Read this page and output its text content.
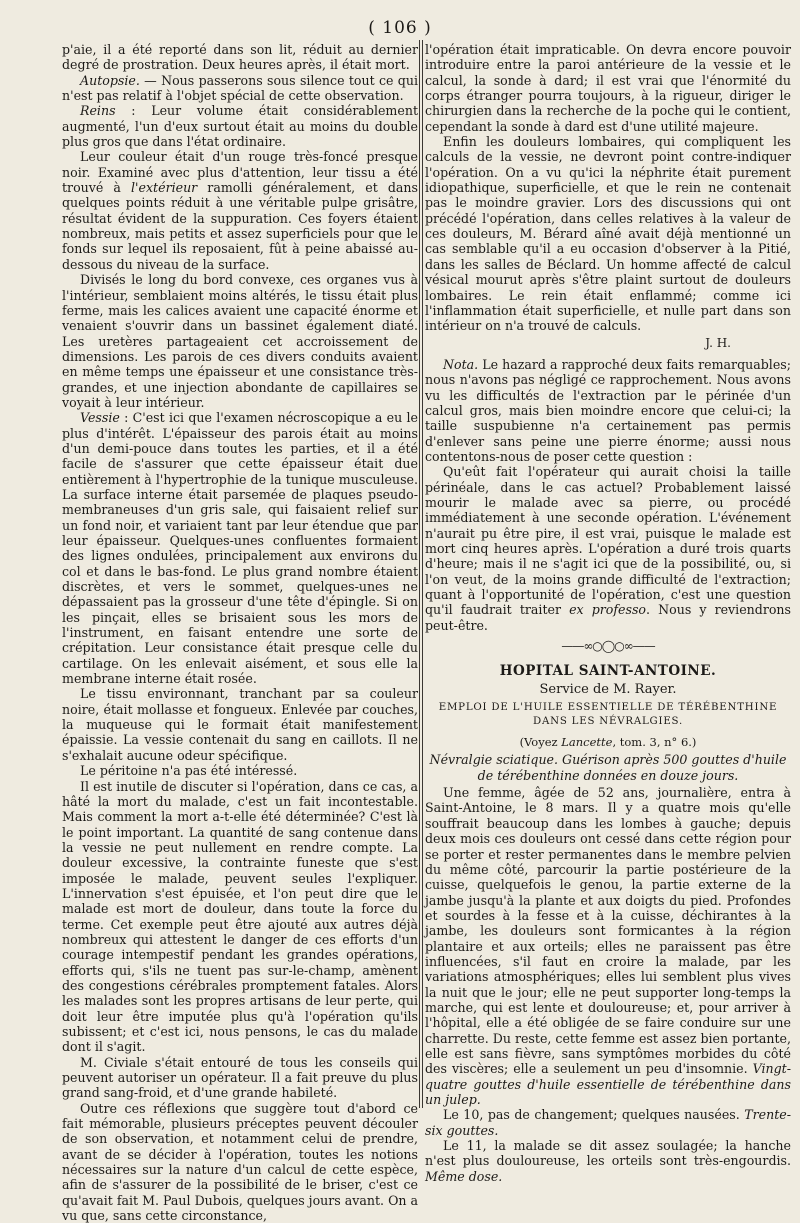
( 106 )

p'aie, il a été reporté dans son lit, réduit au dernier degré de prostration. Deux heures après, il était mort.

Autopsie. — Nous passerons sous silence tout ce qui n'est pas relatif à l'objet spécial de cette observation.

Reins : Leur volume était considérablement augmenté, l'un d'eux surtout était au moins du double plus gros que dans l'état ordinaire.

Leur couleur était d'un rouge très-foncé presque noir. Examiné avec plus d'attention, leur tissu a été trouvé à l'extérieur ramolli généralement, et dans quelques points réduit à une véritable pulpe grisâtre, résultat évident de la suppuration. Ces foyers étaient nombreux, mais petits et assez superficiels pour que le fonds sur lequel ils reposaient, fût à peine abaissé au-dessous du niveau de la surface.

Divisés le long du bord convexe, ces organes vus à l'intérieur, semblaient moins altérés, le tissu était plus ferme, mais les calices avaient une capacité énorme et venaient s'ouvrir dans un bassinet également diaté. Les uretères partageaient cet accroissement de dimensions. Les parois de ces divers conduits avaient en même temps une épaisseur et une consistance très-grandes, et une injection abondante de capillaires se voyait à leur intérieur.

Vessie : C'est ici que l'examen nécroscopique a eu le plus d'intérêt. L'épaisseur des parois était au moins d'un demi-pouce dans toutes les parties, et il a été facile de s'assurer que cette épaisseur était due entièrement à l'hypertrophie de la tunique musculeuse. La surface interne était parsemée de plaques pseudo-membraneuses d'un gris sale, qui faisaient relief sur un fond noir, et variaient tant par leur étendue que par leur épaisseur. Quelques-unes confluentes formaient des lignes ondulées, principalement aux environs du col et dans le bas-fond. Le plus grand nombre étaient discrètes, et vers le sommet, quelques-unes ne dépassaient pas la grosseur d'une tête d'épingle. Si on les pinçait, elles se brisaient sous les mors de l'instrument, en faisant entendre une sorte de crépitation. Leur consistance était presque celle du cartilage. On les enlevait aisément, et sous elle la membrane interne était rosée.

Le tissu environnant, tranchant par sa couleur noire, était mollasse et fongueux. Enlevée par couches, la muqueuse qui le formait était manifestement épaissie. La vessie contenait du sang en caillots. Il ne s'exhalait aucune odeur spécifique.

Le péritoine n'a pas été intéressé.

Il est inutile de discuter si l'opération, dans ce cas, a hâté la mort du malade, c'est un fait incontestable. Mais comment la mort a-t-elle été déterminée? C'est là le point important. La quantité de sang contenue dans la vessie ne peut nullement en rendre compte. La douleur excessive, la contrainte funeste que s'est imposée le malade, peuvent seules l'expliquer. L'innervation s'est épuisée, et l'on peut dire que le malade est mort de douleur, dans toute la force du terme. Cet exemple peut être ajouté aux autres déjà nombreux qui attestent le danger de ces efforts d'un courage intempestif pendant les grandes opérations, efforts qui, s'ils ne tuent pas sur-le-champ, amènent des congestions cérébrales promptement fatales. Alors les malades sont les propres artisans de leur perte, qui doit leur être imputée plus qu'à l'opération qu'ils subissent; et c'est ici, nous pensons, le cas du malade dont il s'agit.

M. Civiale s'était entouré de tous les conseils qui peuvent autoriser un opérateur. Il a fait preuve du plus grand sang-froid, et d'une grande habileté.

Outre ces réflexions que suggère tout d'abord ce fait mémorable, plusieurs préceptes peuvent découler de son observation, et notamment celui de prendre, avant de se décider à l'opération, toutes les notions nécessaires sur la nature d'un calcul de cette espèce, afin de s'assurer de la possibilité de le briser, c'est ce qu'avait fait M. Paul Dubois, quelques jours avant. On a vu que, sans cette circonstance,

l'opération était impraticable. On devra encore pouvoir introduire entre la paroi antérieure de la vessie et le calcul, la sonde à dard; il est vrai que l'énormité du corps étranger pourra toujours, à la rigueur, diriger le chirurgien dans la recherche de la poche qui le contient, cependant la sonde à dard est d'une utilité majeure.

Enfin les douleurs lombaires, qui compliquent les calculs de la vessie, ne devront point contre-indiquer l'opération. On a vu qu'ici la néphrite était purement idiopathique, superficielle, et que le rein ne contenait pas le moindre gravier. Lors des discussions qui ont précédé l'opération, dans celles relatives à la valeur de ces douleurs, M. Bérard aîné avait déjà mentionné un cas semblable qu'il a eu occasion d'observer à la Pitié, dans les salles de Béclard. Un homme affecté de calcul vésical mourut après s'être plaint surtout de douleurs lombaires. Le rein était enflammé; comme ici l'inflammation était superficielle, et nulle part dans son intérieur on n'a trouvé de calculs.

J. H.

Nota. Le hazard a rapproché deux faits remarquables; nous n'avons pas négligé ce rapprochement. Nous avons vu les difficultés de l'extraction par le périnée d'un calcul gros, mais bien moindre encore que celui-ci; la taille suspubienne n'a certainement pas permis d'enlever sans peine une pierre énorme; aussi nous contentons-nous de poser cette question :

Qu'eût fait l'opérateur qui aurait choisi la taille périnéale, dans le cas actuel? Probablement laissé mourir le malade avec sa pierre, ou procédé immédiatement à une seconde opération. L'événement n'aurait pu être pire, il est vrai, puisque le malade est mort cinq heures après. L'opération a duré trois quarts d'heure; mais il ne s'agit ici que de la possibilité, ou, si l'on veut, de la moins grande difficulté de l'extraction; quant à l'opportunité de l'opération, c'est une question qu'il faudrait traiter ex professo. Nous y reviendrons peut-être.

——∞○◯○∞——

HOPITAL SAINT-ANTOINE.

Service de M. Rayer.

EMPLOI DE L'HUILE ESSENTIELLE DE TÉRÉBENTHINE DANS LES NÉVRALGIES.

(Voyez Lancette, tom. 3, n° 6.)

Névralgie sciatique. Guérison après 500 gouttes d'huile de térébenthine données en douze jours.

Une femme, âgée de 52 ans, journalière, entra à Saint-Antoine, le 8 mars. Il y a quatre mois qu'elle souffrait beaucoup dans les lombes à gauche; depuis deux mois ces douleurs ont cessé dans cette région pour se porter et rester permanentes dans le membre pelvien du même côté, parcourir la partie postérieure de la cuisse, quelquefois le genou, la partie externe de la jambe jusqu'à la plante et aux doigts du pied. Profondes et sourdes à la fesse et à la cuisse, déchirantes à la jambe, les douleurs sont formicantes à la région plantaire et aux orteils; elles ne paraissent pas être influencées, s'il faut en croire la malade, par les variations atmosphériques; elles lui semblent plus vives la nuit que le jour; elle ne peut supporter long-temps la marche, qui est lente et douloureuse; et, pour arriver à l'hôpital, elle a été obligée de se faire conduire sur une charrette. Du reste, cette femme est assez bien portante, elle est sans fièvre, sans symptômes morbides du côté des viscères; elle a seulement un peu d'insomnie. Vingt-quatre gouttes d'huile essentielle de térébenthine dans un julep.

Le 10, pas de changement; quelques nausées. Trente-six gouttes.

Le 11, la malade se dit assez soulagée; la hanche n'est plus douloureuse, les orteils sont très-engourdis. Même dose.
